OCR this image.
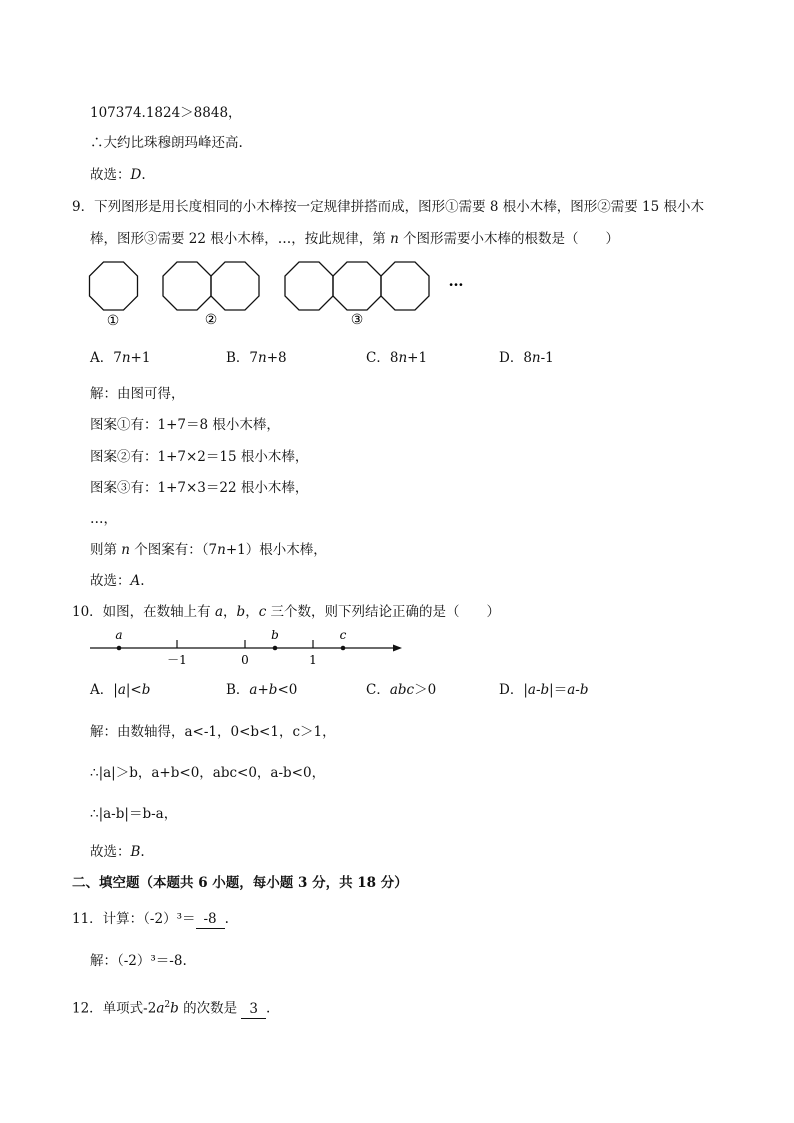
107374.1824＞8848，
∴大约比珠穆朗玛峰还高.
故选：D.
9．下列图形是用长度相同的小木棒按一定规律拼搭而成，图形①需要 8 根小木棒，图形②需要 15 根小木
棒，图形③需要 22 根小木棒，…，按此规律，第 n 个图形需要小木棒的根数是（　　）
①	②	③
…
A．7n+1	B．7n+8	C．8n+1	D．8n-1
解：由图可得，
图案①有：1+7＝8 根小木棒，
图案②有：1+7×2＝15 根小木棒，
图案③有：1+7×3＝22 根小木棒，
…，
则第 n 个图案有：（7n+1）根小木棒，
故选：A.
10．如图，在数轴上有 a，b，c 三个数，则下列结论正确的是（　　）
a	b	c
－1	0	1
A．|a|<b	B．a+b<0	C．abc＞0	D．|a-b|＝a-b
解：由数轴得，a<-1，0<b<1，c＞1，
∴|a|＞b，a+b<0，abc<0，a-b<0，
∴|a-b|＝b-a，
故选：B.
二、填空题（本题共 6 小题，每小题 3 分，共 18 分）
11．计算：（-2）³＝ -8 .
解：（-2）³＝-8.
12．单项式$-2a^2b$ 的次数是 3 .
